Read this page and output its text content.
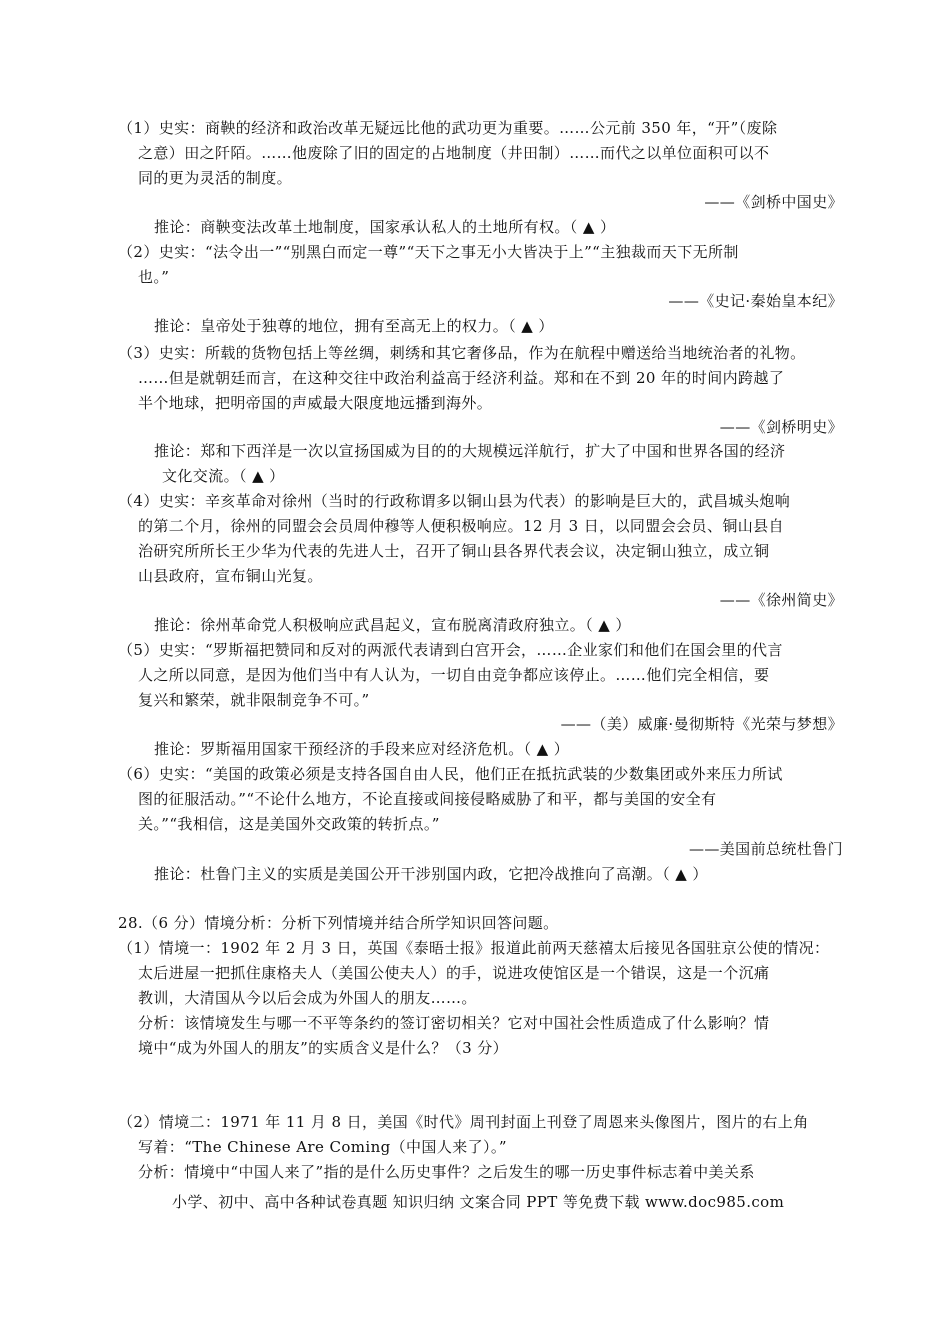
（1）史实：商鞅的经济和政治改革无疑远比他的武功更为重要。……公元前 350 年，“开”（废除
之意）田之阡陌。……他废除了旧的固定的占地制度（井田制）……而代之以单位面积可以不
同的更为灵活的制度。
——《剑桥中国史》
推论：商鞅变法改革土地制度，国家承认私人的土地所有权。（ ▲ ）
（2）史实：“法令出一”“别黑白而定一尊”“天下之事无小大皆决于上”“主独裁而天下无所制
也。”
——《史记·秦始皇本纪》
推论：皇帝处于独尊的地位，拥有至高无上的权力。（ ▲ ）
（3）史实：所载的货物包括上等丝绸，刺绣和其它奢侈品，作为在航程中赠送给当地统治者的礼物。
……但是就朝廷而言，在这种交往中政治利益高于经济利益。郑和在不到 20 年的时间内跨越了
半个地球，把明帝国的声威最大限度地远播到海外。
——《剑桥明史》
推论：郑和下西洋是一次以宣扬国威为目的的大规模远洋航行，扩大了中国和世界各国的经济
文化交流。（ ▲ ）
（4）史实：辛亥革命对徐州（当时的行政称谓多以铜山县为代表）的影响是巨大的，武昌城头炮响
的第二个月，徐州的同盟会会员周仲穆等人便积极响应。12 月 3 日，以同盟会会员、铜山县自
治研究所所长王少华为代表的先进人士，召开了铜山县各界代表会议，决定铜山独立，成立铜
山县政府，宣布铜山光复。
——《徐州简史》
推论：徐州革命党人积极响应武昌起义，宣布脱离清政府独立。（ ▲ ）
（5）史实：“罗斯福把赞同和反对的两派代表请到白宫开会，……企业家们和他们在国会里的代言
人之所以同意，是因为他们当中有人认为，一切自由竞争都应该停止。……他们完全相信，要
复兴和繁荣，就非限制竞争不可。”
——（美）威廉·曼彻斯特《光荣与梦想》
推论：罗斯福用国家干预经济的手段来应对经济危机。（ ▲ ）
（6）史实：“美国的政策必须是支持各国自由人民，他们正在抵抗武装的少数集团或外来压力所试
图的征服活动。”“不论什么地方，不论直接或间接侵略威胁了和平，都与美国的安全有
关。”“我相信，这是美国外交政策的转折点。”
——美国前总统杜鲁门
推论：杜鲁门主义的实质是美国公开干涉别国内政，它把冷战推向了高潮。（ ▲ ）
28.（6 分）情境分析：分析下列情境并结合所学知识回答问题。
（1）情境一：1902 年 2 月 3 日，英国《泰晤士报》报道此前两天慈禧太后接见各国驻京公使的情况：
太后进屋一把抓住康格夫人（美国公使夫人）的手，说进攻使馆区是一个错误，这是一个沉痛
教训，大清国从今以后会成为外国人的朋友……。
分析：该情境发生与哪一不平等条约的签订密切相关？它对中国社会性质造成了什么影响？情
境中“成为外国人的朋友”的实质含义是什么？（3 分）
（2）情境二：1971 年 11 月 8 日，美国《时代》周刊封面上刊登了周恩来头像图片，图片的右上角
写着：“The Chinese Are Coming（中国人来了）。”
分析：情境中“中国人来了”指的是什么历史事件？之后发生的哪一历史事件标志着中美关系
小学、初中、高中各种试卷真题 知识归纳 文案合同 PPT 等免费下载 www.doc985.com
